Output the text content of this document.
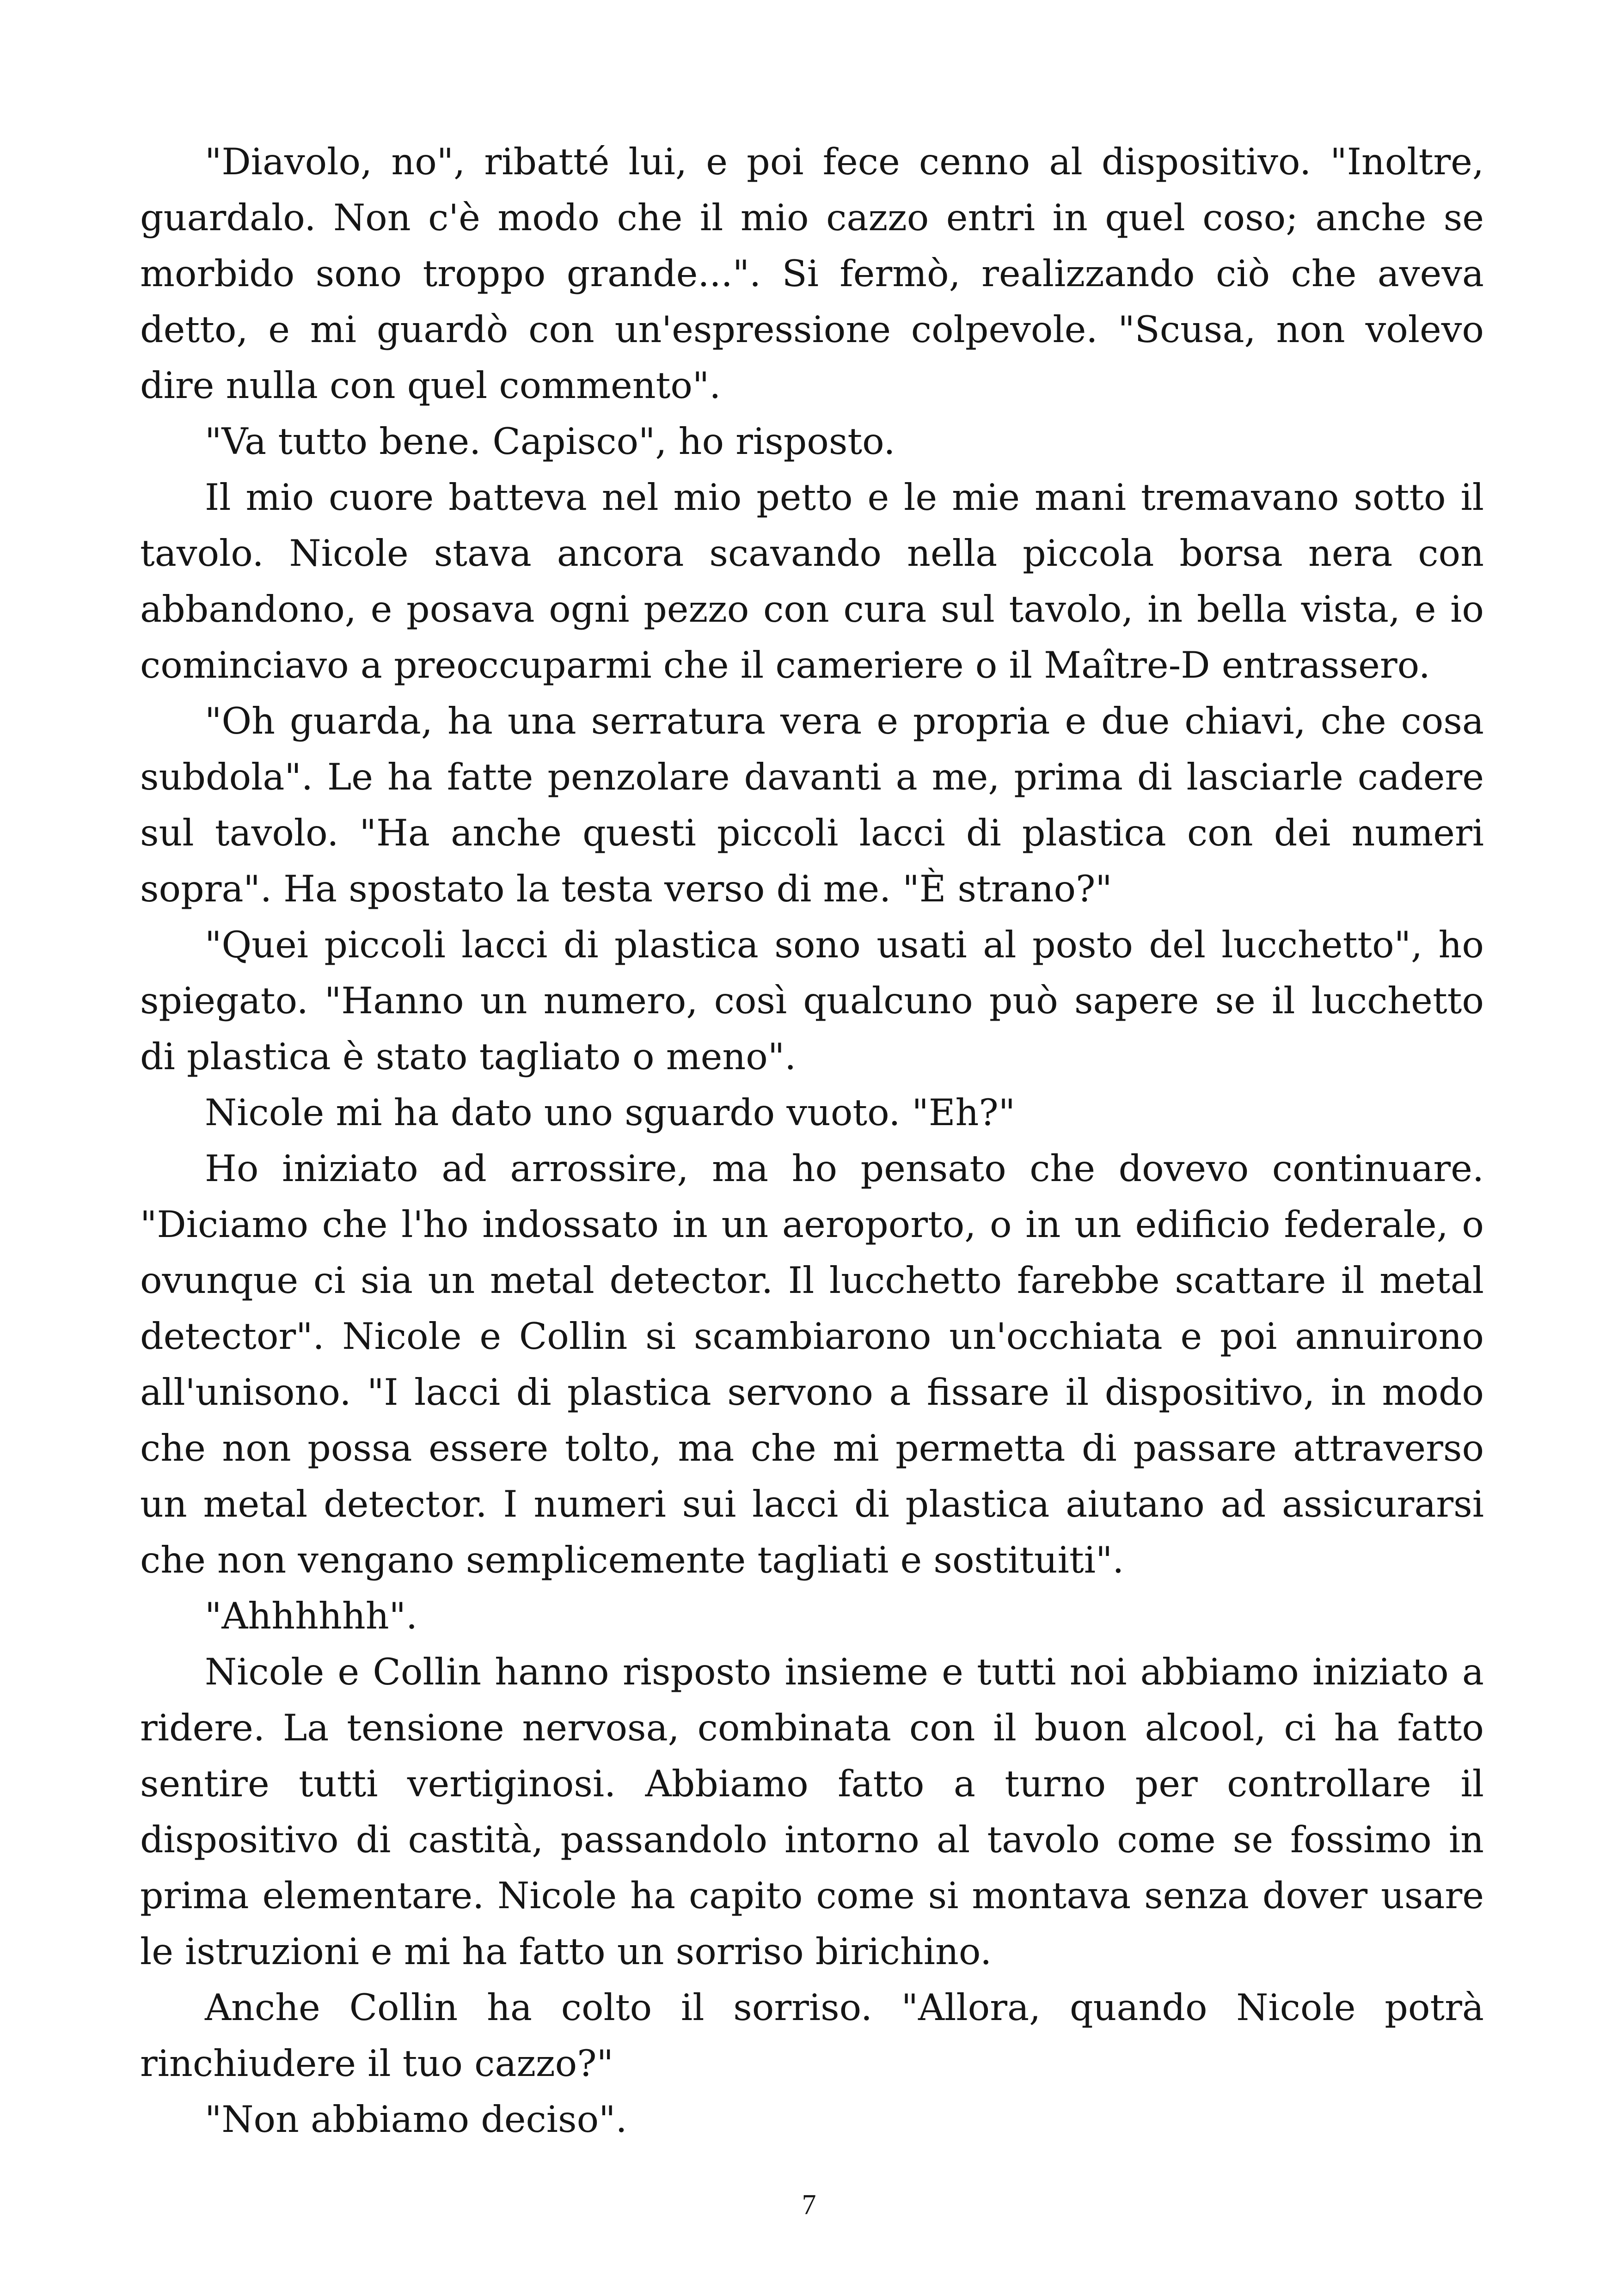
"Diavolo, no", ribatté lui, e poi fece cenno al dispositivo. "Inoltre, guardalo. Non c'è modo che il mio cazzo entri in quel coso; anche se morbido sono troppo grande...". Si fermò, realizzando ciò che aveva detto, e mi guardò con un'espressione colpevole. "Scusa, non volevo dire nulla con quel commento".

"Va tutto bene. Capisco", ho risposto.

Il mio cuore batteva nel mio petto e le mie mani tremavano sotto il tavolo. Nicole stava ancora scavando nella piccola borsa nera con abbandono, e posava ogni pezzo con cura sul tavolo, in bella vista, e io cominciavo a preoccuparmi che il cameriere o il Maître-D entrassero.

"Oh guarda, ha una serratura vera e propria e due chiavi, che cosa subdola". Le ha fatte penzolare davanti a me, prima di lasciarle cadere sul tavolo. "Ha anche questi piccoli lacci di plastica con dei numeri sopra". Ha spostato la testa verso di me. "È strano?"

"Quei piccoli lacci di plastica sono usati al posto del lucchetto", ho spiegato. "Hanno un numero, così qualcuno può sapere se il lucchetto di plastica è stato tagliato o meno".

Nicole mi ha dato uno sguardo vuoto. "Eh?"

Ho iniziato ad arrossire, ma ho pensato che dovevo continuare. "Diciamo che l'ho indossato in un aeroporto, o in un edificio federale, o ovunque ci sia un metal detector. Il lucchetto farebbe scattare il metal detector". Nicole e Collin si scambiarono un'occhiata e poi annuirono all'unisono. "I lacci di plastica servono a fissare il dispositivo, in modo che non possa essere tolto, ma che mi permetta di passare attraverso un metal detector. I numeri sui lacci di plastica aiutano ad assicurarsi che non vengano semplicemente tagliati e sostituiti".

"Ahhhhhh".

Nicole e Collin hanno risposto insieme e tutti noi abbiamo iniziato a ridere. La tensione nervosa, combinata con il buon alcool, ci ha fatto sentire tutti vertiginosi. Abbiamo fatto a turno per controllare il dispositivo di castità, passandolo intorno al tavolo come se fossimo in prima elementare. Nicole ha capito come si montava senza dover usare le istruzioni e mi ha fatto un sorriso birichino.

Anche Collin ha colto il sorriso. "Allora, quando Nicole potrà rinchiudere il tuo cazzo?"

"Non abbiamo deciso".

7
